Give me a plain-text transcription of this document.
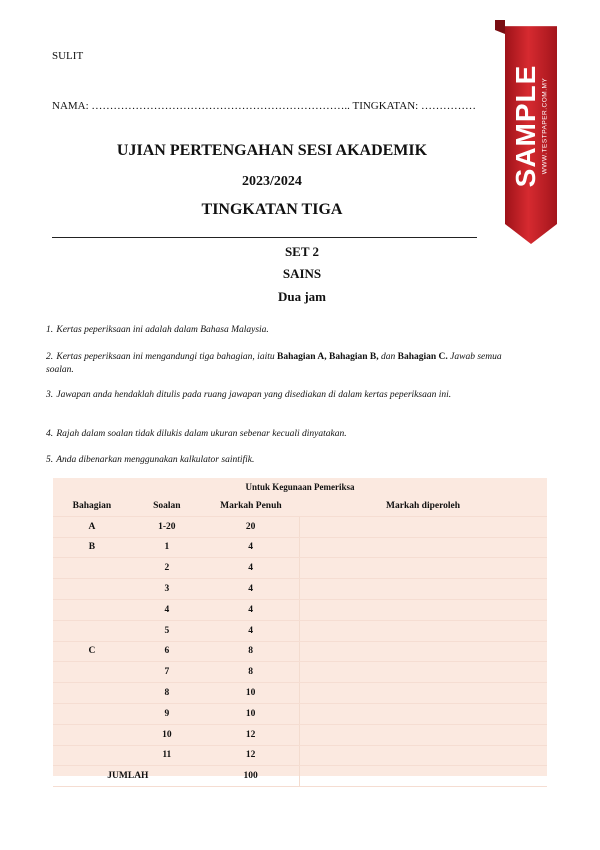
SULIT
NAMA: …………………………………………………………….. TINGKATAN: ……………
UJIAN PERTENGAHAN SESI AKADEMIK
2023/2024
TINGKATAN TIGA
SET 2
SAINS
Dua jam
1. Kertas peperiksaan ini adalah dalam Bahasa Malaysia.
2. Kertas peperiksaan ini mengandungi tiga bahagian, iaitu Bahagian A, Bahagian B, dan Bahagian C. Jawab semua soalan.
3. Jawapan anda hendaklah ditulis pada ruang jawapan yang disediakan di dalam kertas peperiksaan ini.
4. Rajah dalam soalan tidak dilukis dalam ukuran sebenar kecuali dinyatakan.
5. Anda dibenarkan menggunakan kalkulator saintifik.
Untuk Kegunaan Pemeriksa
Bahagian	Soalan	Markah Penuh	Markah diperoleh
A	1-20	20	
B	1	4	
	2	4	
	3	4	
	4	4	
	5	4	
C	6	8	
	7	8	
	8	10	
	9	10	
	10	12	
	11	12	
JUMLAH		100	
SAMPLE WWW.TESTPAPER.COM.MY
